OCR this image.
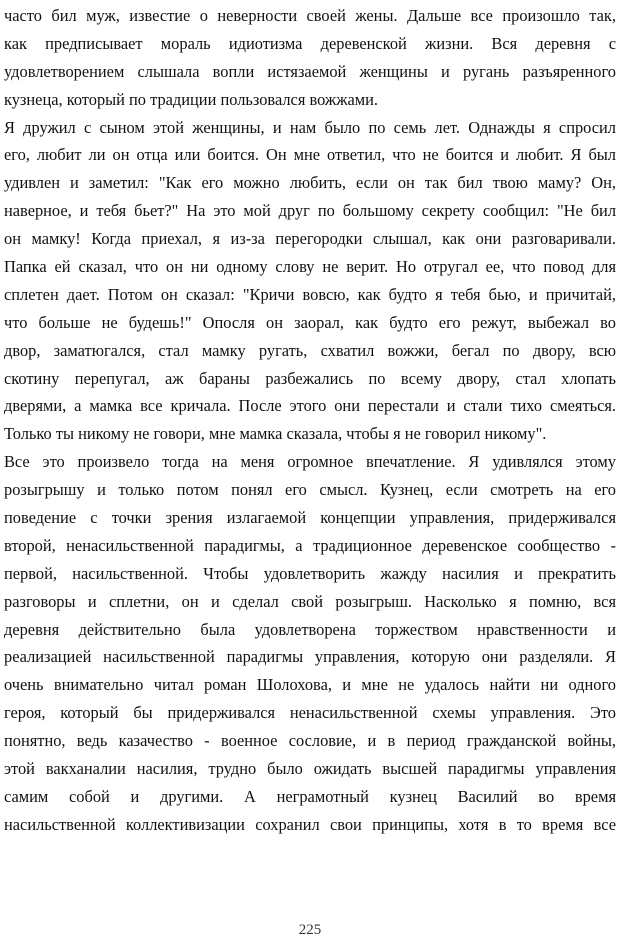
часто бил муж, известие о неверности своей жены. Дальше все произошло так,
как предписывает мораль идиотизма деревенской жизни. Вся деревня с
удовлетворением слышала вопли истязаемой женщины и ругань разъяренного
кузнеца, который по традиции пользовался вожжами.
Я дружил с сыном этой женщины, и нам было по семь лет. Однажды я спросил
его, любит ли он отца или боится. Он мне ответил, что не боится и любит. Я был
удивлен и заметил: "Как его можно любить, если он так бил твою маму? Он,
наверное, и тебя бьет?" На это мой друг по большому секрету сообщил: "Не бил
он мамку! Когда приехал, я из-за перегородки слышал, как они разговаривали.
Папка ей сказал, что он ни одному слову не верит. Но отругал ее, что повод для
сплетен дает. Потом он сказал: "Кричи вовсю, как будто я тебя бью, и причитай,
что больше не будешь!" Опосля он заорал, как будто его режут, выбежал во
двор, заматюгался, стал мамку ругать, схватил вожжи, бегал по двору, всю
скотину перепугал, аж бараны разбежались по всему двору, стал хлопать
дверями, а мамка все кричала. После этого они перестали и стали тихо смеяться.
Только ты никому не говори, мне мамка сказала, чтобы я не говорил никому".
Все это произвело тогда на меня огромное впечатление. Я удивлялся этому
розыгрышу и только потом понял его смысл. Кузнец, если смотреть на его
поведение с точки зрения излагаемой концепции управления, придерживался
второй, ненасильственной парадигмы, а традиционное деревенское сообщество -
первой, насильственной. Чтобы удовлетворить жажду насилия и прекратить
разговоры и сплетни, он и сделал свой розыгрыш. Насколько я помню, вся
деревня действительно была удовлетворена торжеством нравственности и
реализацией насильственной парадигмы управления, которую они разделяли. Я
очень внимательно читал роман Шолохова, и мне не удалось найти ни одного
героя, который бы придерживался ненасильственной схемы управления. Это
понятно, ведь казачество - военное сословие, и в период гражданской войны,
этой вакханалии насилия, трудно было ожидать высшей парадигмы управления
самим собой и другими. А неграмотный кузнец Василий во время
насильственной коллективизации сохранил свои принципы, хотя в то время все
225
